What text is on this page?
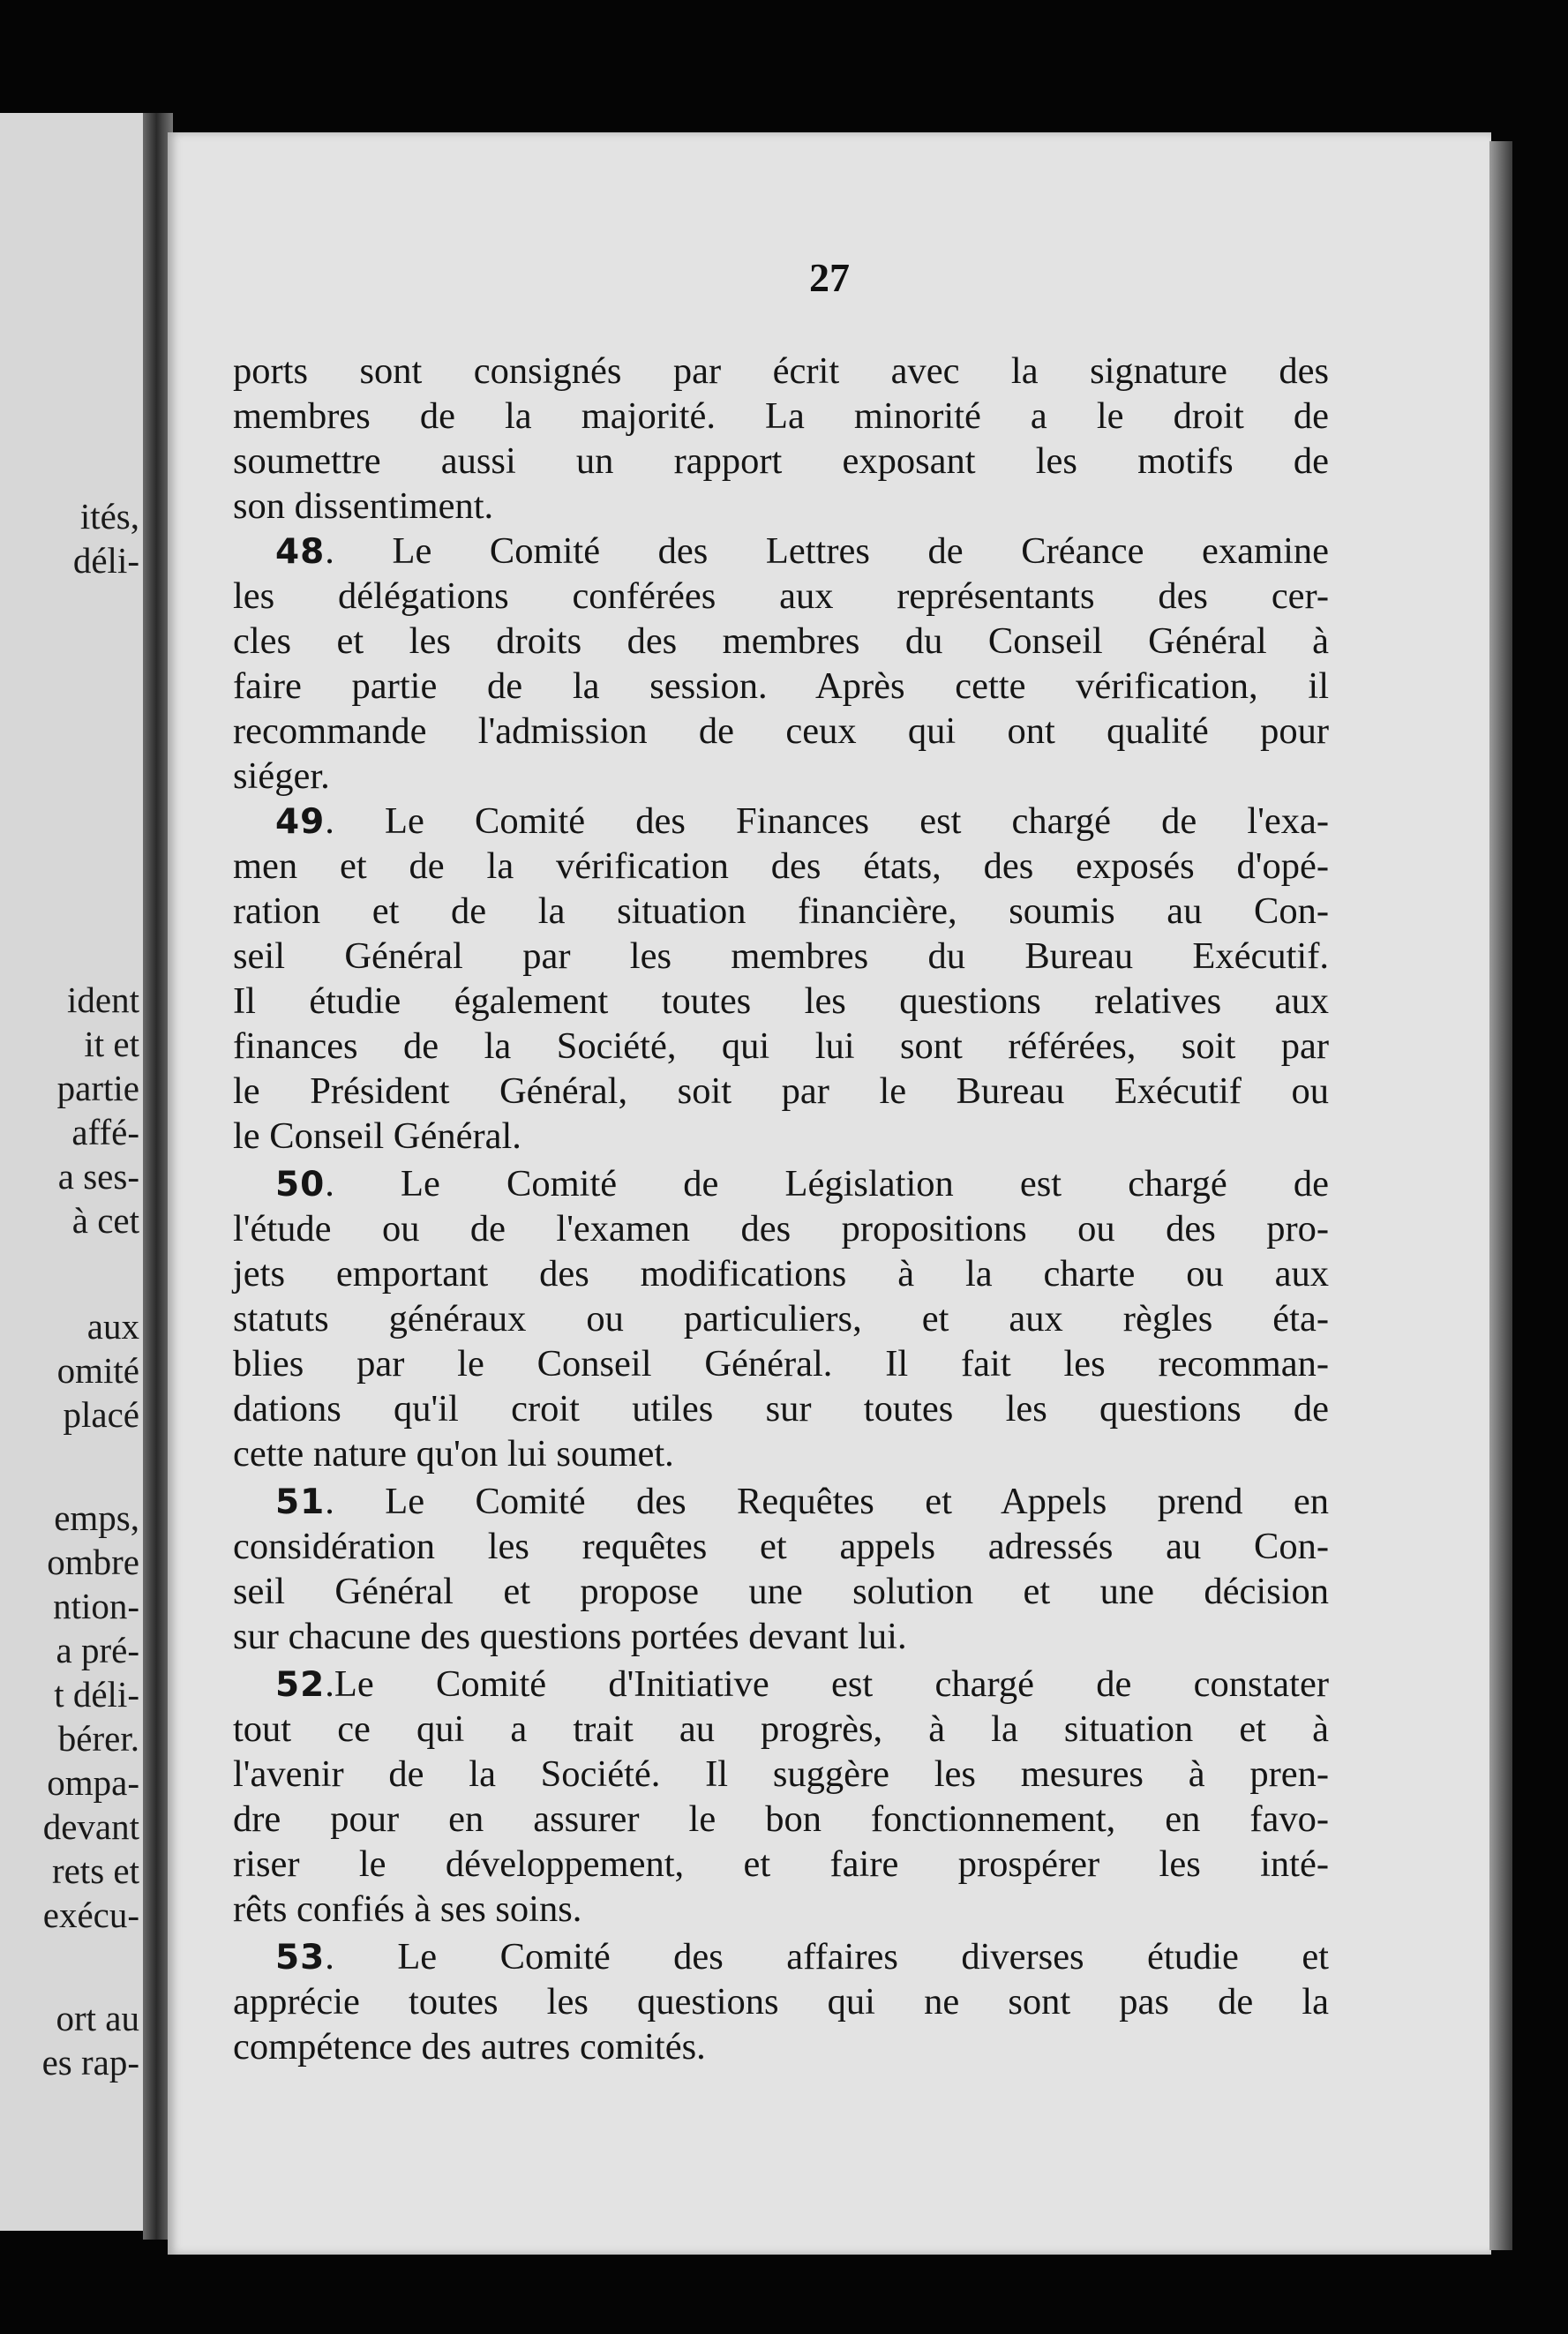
ités,
déli-
ident
it et
partie
affé-
a ses-
à cet
aux
omité
placé
emps,
ombre
ntion-
a pré-
t déli-
bérer.
ompa-
devant
rets et
exécu-
ort au
es rap-
27
ports sont consignés par écrit avec la signature des
membres de la majorité. La minorité a le droit de
soumettre aussi un rapport exposant les motifs de
son dissentiment.
48. Le Comité des Lettres de Créance examine
les délégations conférées aux représentants des cer-
cles et les droits des membres du Conseil Général à
faire partie de la session. Après cette vérification, il
recommande l'admission de ceux qui ont qualité pour
siéger.
49. Le Comité des Finances est chargé de l'exa-
men et de la vérification des états, des exposés d'opé-
ration et de la situation financière, soumis au Con-
seil Général par les membres du Bureau Exécutif.
Il étudie également toutes les questions relatives aux
finances de la Société, qui lui sont référées, soit par
le Président Général, soit par le Bureau Exécutif ou
le Conseil Général.
50. Le Comité de Législation est chargé de
l'étude ou de l'examen des propositions ou des pro-
jets emportant des modifications à la charte ou aux
statuts généraux ou particuliers, et aux règles éta-
blies par le Conseil Général. Il fait les recomman-
dations qu'il croit utiles sur toutes les questions de
cette nature qu'on lui soumet.
51. Le Comité des Requêtes et Appels prend en
considération les requêtes et appels adressés au Con-
seil Général et propose une solution et une décision
sur chacune des questions portées devant lui.
52.Le Comité d'Initiative est chargé de constater
tout ce qui a trait au progrès, à la situation et à
l'avenir de la Société. Il suggère les mesures à pren-
dre pour en assurer le bon fonctionnement, en favo-
riser le développement, et faire prospérer les inté-
rêts confiés à ses soins.
53. Le Comité des affaires diverses étudie et
apprécie toutes les questions qui ne sont pas de la
compétence des autres comités.
